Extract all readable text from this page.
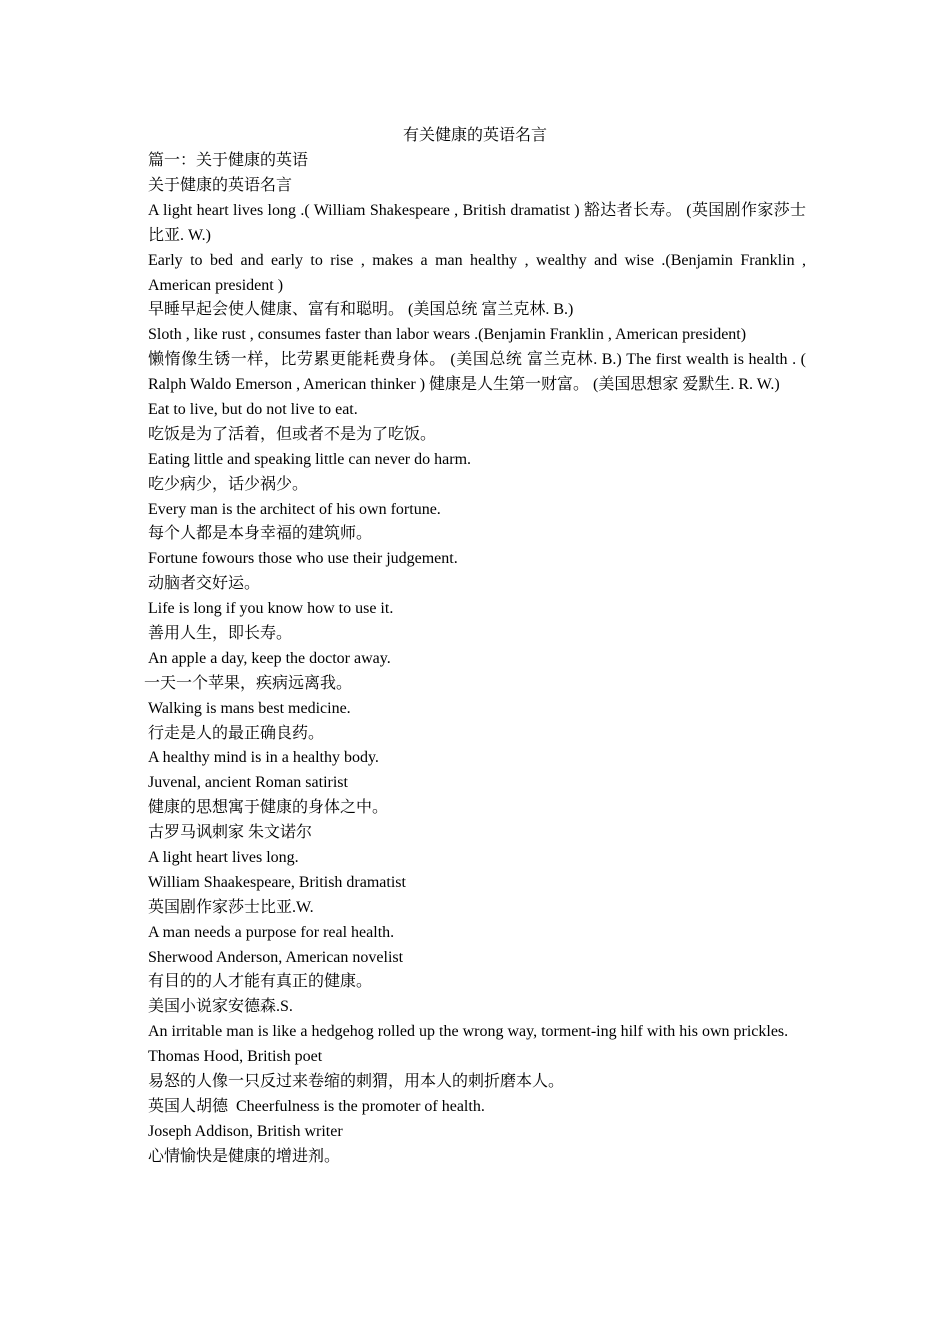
有关健康的英语名言
篇一：关于健康的英语
关于健康的英语名言
A light heart lives long .( William Shakespeare , British dramatist ) 豁达者长寿。 (英国剧作家莎士比亚. W.)
Early to bed and early to rise , makes a man healthy , wealthy and wise .(Benjamin Franklin , American president )
早睡早起会使人健康、富有和聪明。 (美国总统 富兰克林. B.)
Sloth , like rust , consumes faster than labor wears .(Benjamin Franklin , American president)
懒惰像生锈一样，比劳累更能耗费身体。 (美国总统 富兰克林. B.) The first wealth is health . ( Ralph Waldo Emerson , American thinker ) 健康是人生第一财富。 (美国思想家 爱默生. R. W.)
Eat to live, but do not live to eat.
吃饭是为了活着，但或者不是为了吃饭。
Eating little and speaking little can never do harm.
吃少病少，话少祸少。
Every man is the architect of his own fortune.
每个人都是本身幸福的建筑师。
Fortune fowours those who use their judgement.
动脑者交好运。
Life is long if you know how to use it.
善用人生，即长寿。
An apple a day, keep the doctor away.
一天一个苹果，疾病远离我。
Walking is mans best medicine.
行走是人的最正确良药。
A healthy mind is in a healthy body.
Juvenal, ancient Roman satirist
健康的思想寓于健康的身体之中。
古罗马讽刺家 朱文诺尔
A light heart lives long.
William Shaakespeare, British dramatist
英国剧作家莎士比亚.W.
A man needs a purpose for real health.
Sherwood Anderson, American novelist
有目的的人才能有真正的健康。
美国小说家安德森.S.
An irritable man is like a hedgehog rolled up the wrong way, torment-ing hilf with his own prickles.
Thomas Hood, British poet
易怒的人像一只反过来卷缩的刺猬，用本人的刺折磨本人。
英国人胡德  Cheerfulness is the promoter of health.
Joseph Addison, British writer
心情愉快是健康的增进剂。
